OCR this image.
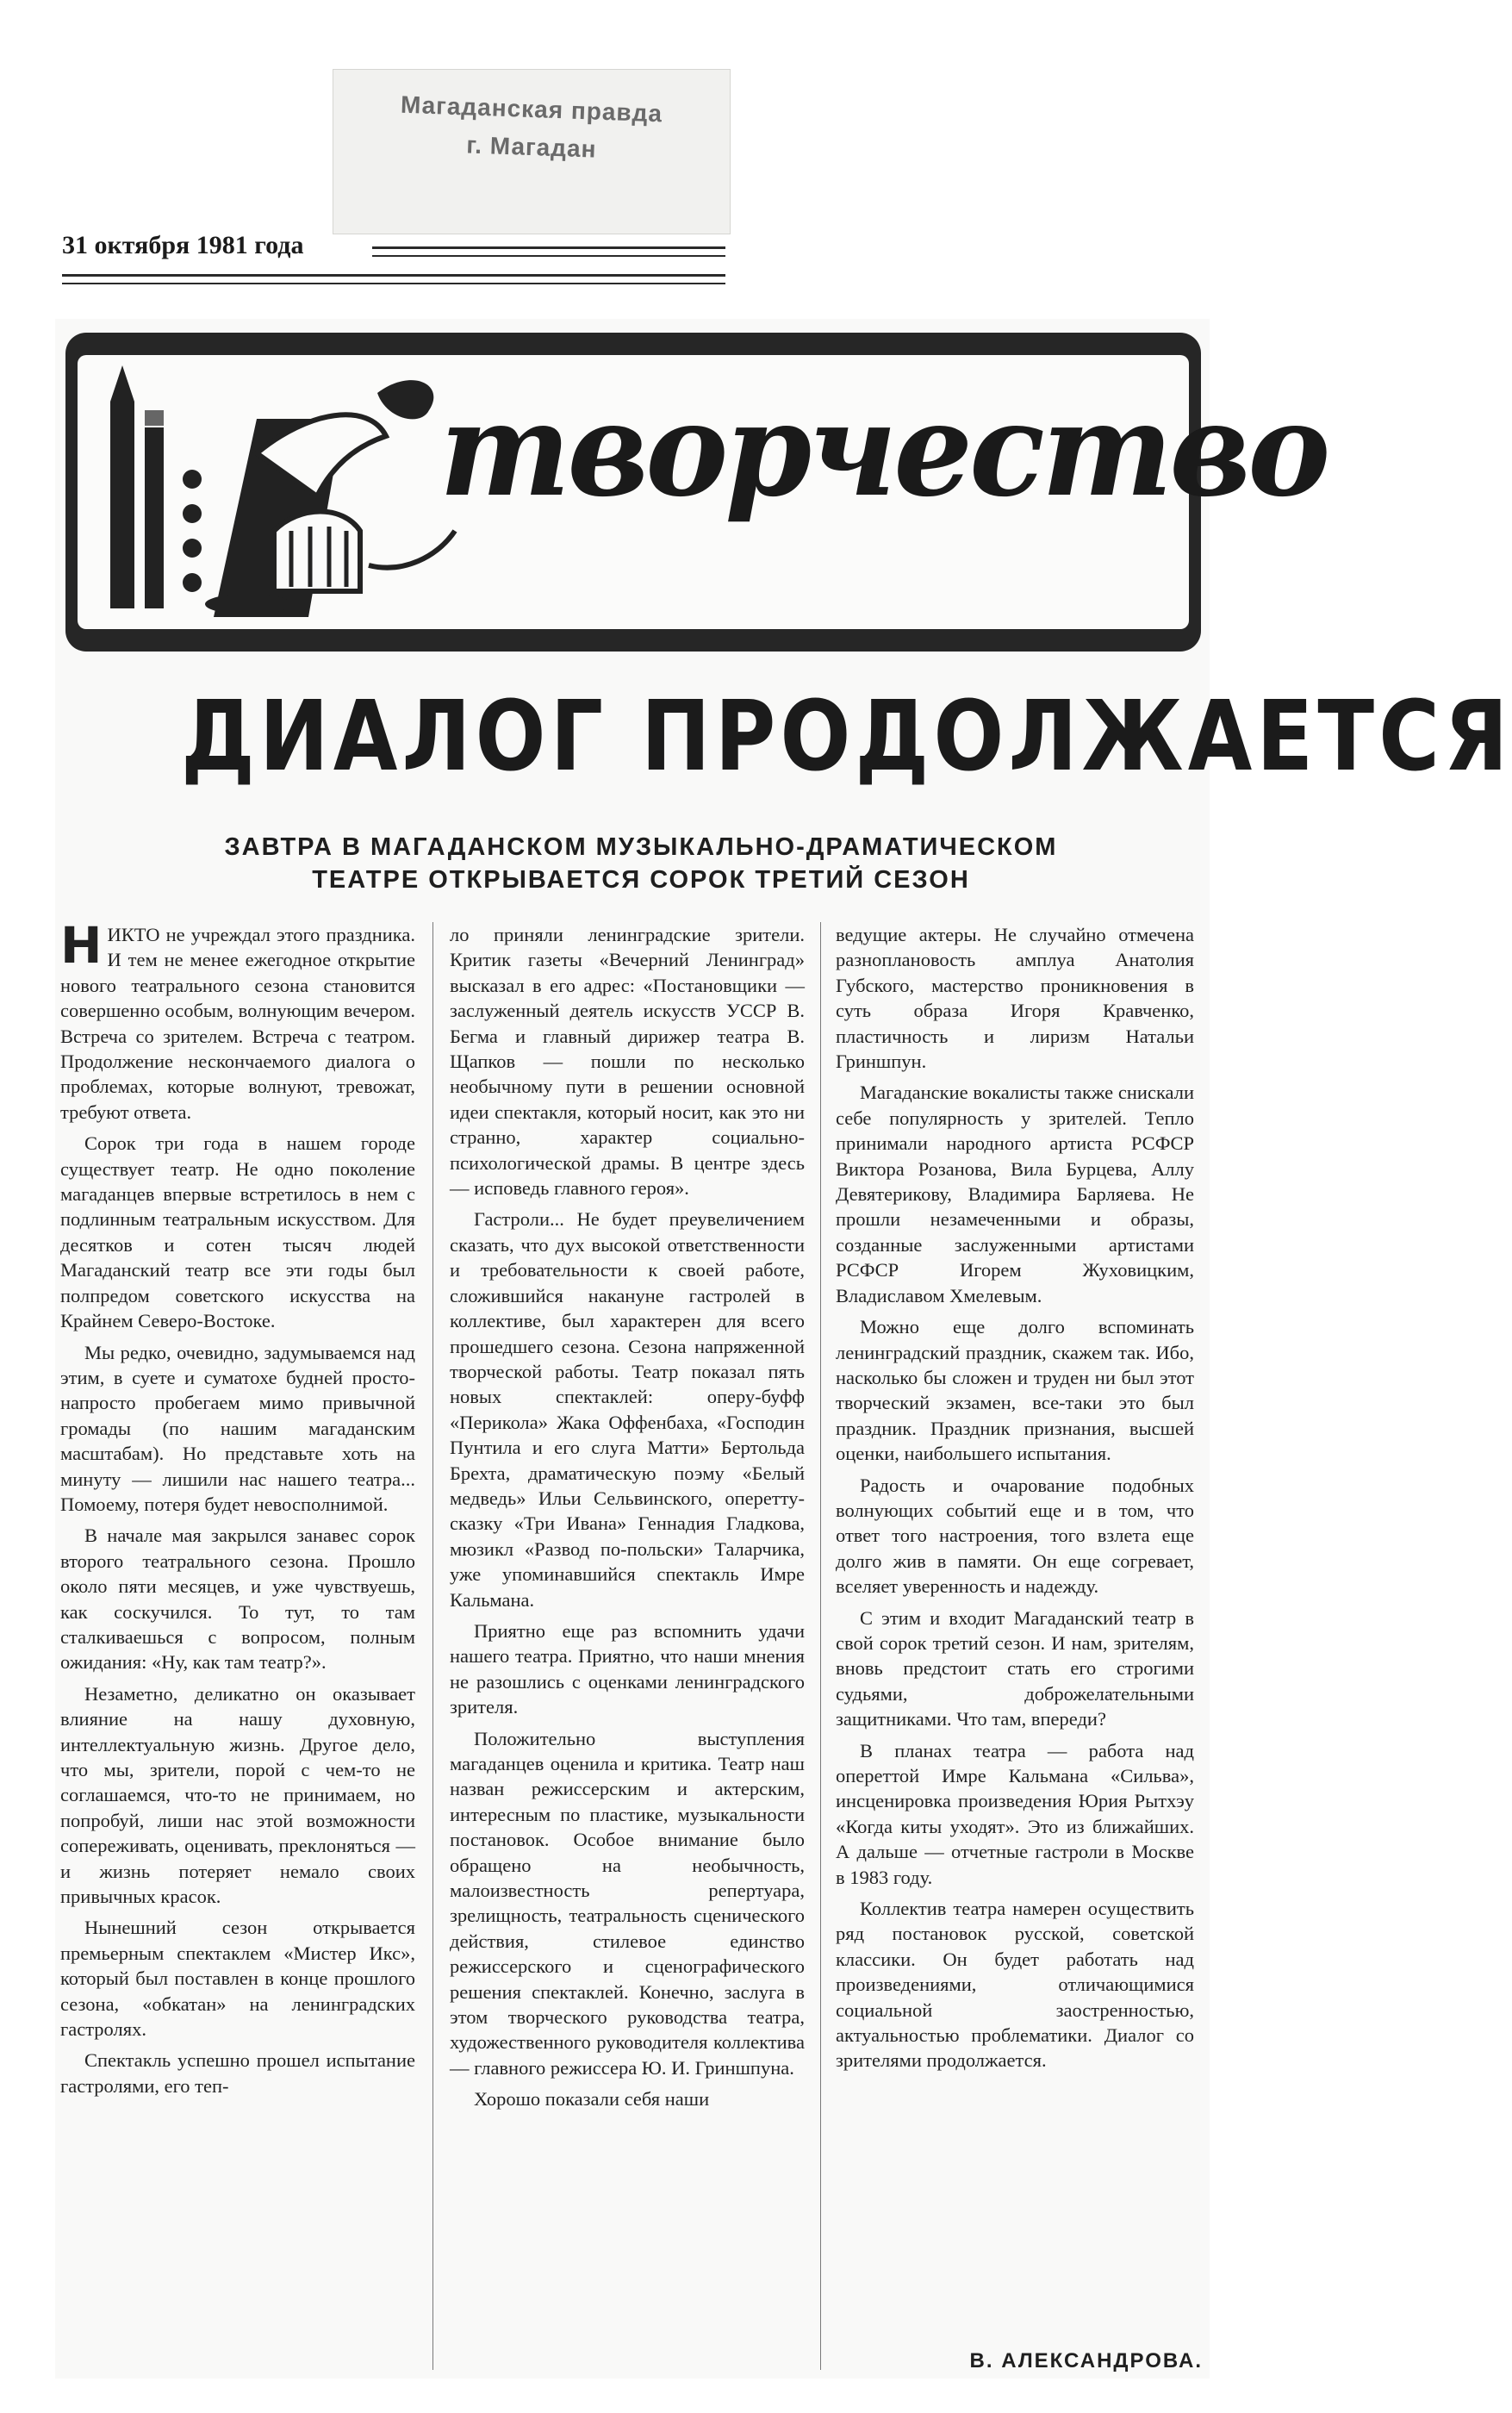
Магаданская правда
г. Магадан
31 октября 1981 года
творчество
ДИАЛОГ ПРОДОЛЖАЕТСЯ
ЗАВТРА В МАГАДАНСКОМ МУЗЫКАЛЬНО-ДРАМАТИЧЕСКОМ
ТЕАТРЕ ОТКРЫВАЕТСЯ СОРОК ТРЕТИЙ СЕЗОН

НИКТО не учреждал этого праздника. И тем не менее ежегодное открытие нового театрального сезона становится совершенно особым, волнующим вечером. Встреча со зрителем. Встреча с театром. Продолжение нескончаемого диалога о проблемах, которые волнуют, тревожат, требуют ответа.

Сорок три года в нашем городе существует театр. Не одно поколение магаданцев впервые встретилось в нем с подлинным театральным искусством. Для десятков и сотен тысяч людей Магаданский театр все эти годы был полпредом советского искусства на Крайнем Северо-Востоке.

Мы редко, очевидно, задумываемся над этим, в суете и суматохе будней просто-напросто пробегаем мимо привычной громады (по нашим магаданским масштабам). Но представьте хоть на минуту — лишили нас нашего театра... Помоему, потеря будет невосполнимой.

В начале мая закрылся занавес сорок второго театрального сезона. Прошло около пяти месяцев, и уже чувствуешь, как соскучился. То тут, то там сталкиваешься с вопросом, полным ожидания: «Ну, как там театр?».

Незаметно, деликатно он оказывает влияние на нашу духовную, интеллектуальную жизнь. Другое дело, что мы, зрители, порой с чем-то не соглашаемся, что-то не принимаем, но попробуй, лиши нас этой возможности сопереживать, оценивать, преклоняться — и жизнь потеряет немало своих привычных красок.

Нынешний сезон открывается премьерным спектаклем «Мистер Икс», который был поставлен в конце прошлого сезона, «обкатан» на ленинградских гастролях.

Спектакль успешно прошел испытание гастролями, его теп-

ло приняли ленинградские зрители. Критик газеты «Вечерний Ленинград» высказал в его адрес: «Постановщики — заслуженный деятель искусств УССР В. Бегма и главный дирижер театра В. Щапков — пошли по несколько необычному пути в решении основной идеи спектакля, который носит, как это ни странно, характер социально-психологической драмы. В центре здесь — исповедь главного героя».

Гастроли... Не будет преувеличением сказать, что дух высокой ответственности и требовательности к своей работе, сложившийся накануне гастролей в коллективе, был характерен для всего прошедшего сезона. Сезона напряженной творческой работы. Театр показал пять новых спектаклей: оперу-буфф «Перикола» Жака Оффенбаха, «Господин Пунтила и его слуга Матти» Бертольда Брехта, драматическую поэму «Белый медведь» Ильи Сельвинского, оперетту-сказку «Три Ивана» Геннадия Гладкова, мюзикл «Развод по-польски» Таларчика, уже упоминавшийся спектакль Имре Кальмана.

Приятно еще раз вспомнить удачи нашего театра. Приятно, что наши мнения не разошлись с оценками ленинградского зрителя.

Положительно выступления магаданцев оценила и критика. Театр наш назван режиссерским и актерским, интересным по пластике, музыкальности постановок. Особое внимание было обращено на необычность, малоизвестность репертуара, зрелищность, театральность сценического действия, стилевое единство режиссерского и сценографического решения спектаклей. Конечно, заслуга в этом творческого руководства театра, художественного руководителя коллектива — главного режиссера Ю. И. Гриншпуна.

Хорошо показали себя наши

ведущие актеры. Не случайно отмечена разноплановость амплуа Анатолия Губского, мастерство проникновения в суть образа Игоря Кравченко, пластичность и лиризм Натальи Гриншпун.

Магаданские вокалисты также снискали себе популярность у зрителей. Тепло принимали народного артиста РСФСР Виктора Розанова, Вила Бурцева, Аллу Девятерикову, Владимира Барляева. Не прошли незамеченными и образы, созданные заслуженными артистами РСФСР Игорем Жуховицким, Владиславом Хмелевым.

Можно еще долго вспоминать ленинградский праздник, скажем так. Ибо, насколько бы сложен и труден ни был этот творческий экзамен, все-таки это был праздник. Праздник признания, высшей оценки, наибольшего испытания.

Радость и очарование подобных волнующих событий еще и в том, что ответ того настроения, того взлета еще долго жив в памяти. Он еще согревает, вселяет уверенность и надежду.

С этим и входит Магаданский театр в свой сорок третий сезон. И нам, зрителям, вновь предстоит стать его строгими судьями, доброжелательными защитниками. Что там, впереди?

В планах театра — работа над опереттой Имре Кальмана «Сильва», инсценировка произведения Юрия Рытхэу «Когда киты уходят». Это из ближайших. А дальше — отчетные гастроли в Москве в 1983 году.

Коллектив театра намерен осуществить ряд постановок русской, советской классики. Он будет работать над произведениями, отличающимися социальной заостренностью, актуальностью проблематики. Диалог со зрителями продолжается.

В. АЛЕКСАНДРОВА.
